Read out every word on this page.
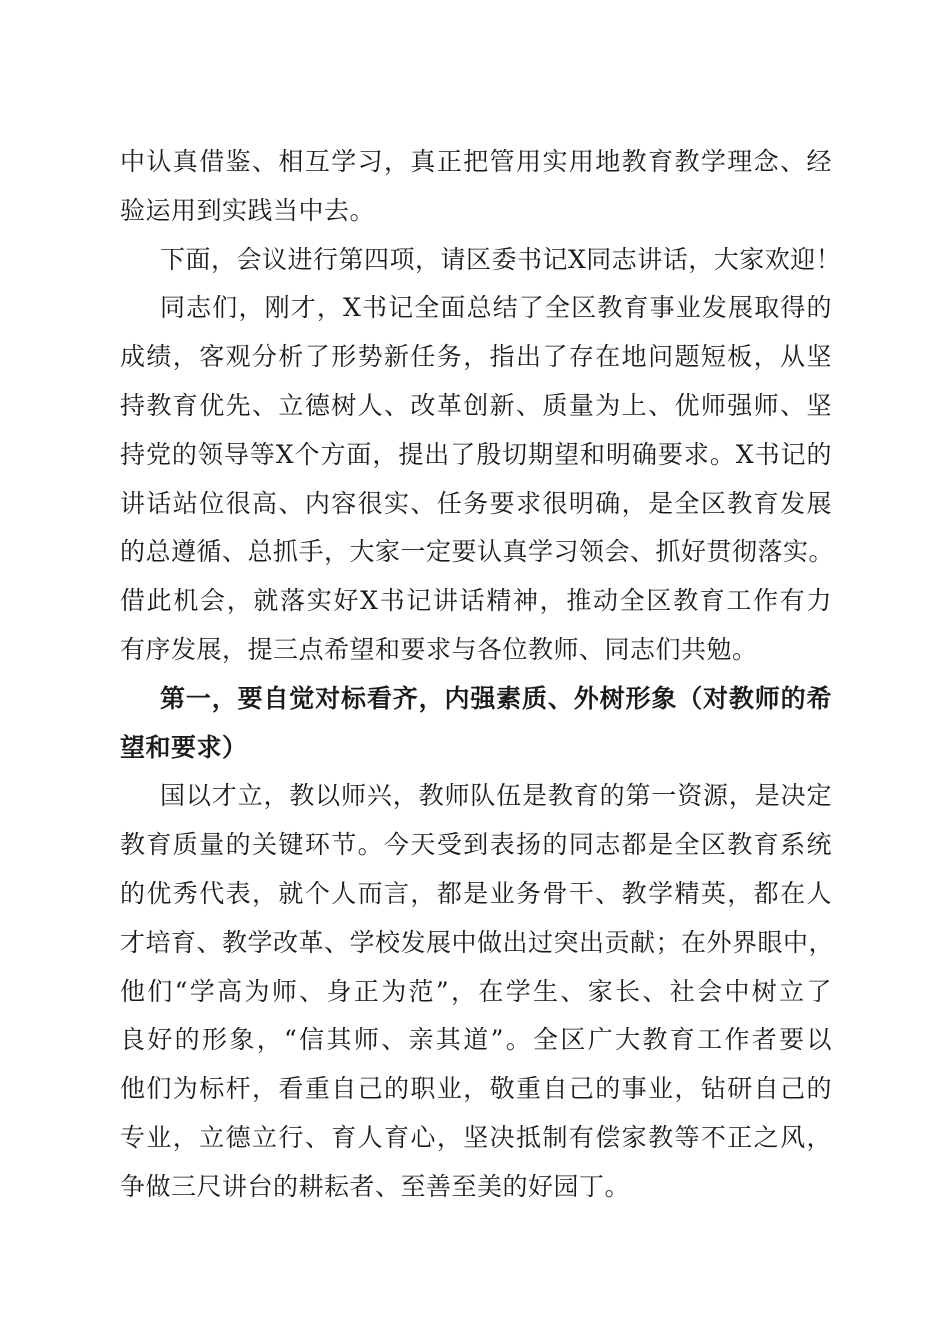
中认真借鉴、相互学习，真正把管用实用地教育教学理念、经
验运用到实践当中去。
下面，会议进行第四项，请区委书记X同志讲话，大家欢迎！
同志们，刚才，X书记全面总结了全区教育事业发展取得的
成绩，客观分析了形势新任务，指出了存在地问题短板，从坚
持教育优先、立德树人、改革创新、质量为上、优师强师、坚
持党的领导等X个方面，提出了殷切期望和明确要求。X书记的
讲话站位很高、内容很实、任务要求很明确，是全区教育发展
的总遵循、总抓手，大家一定要认真学习领会、抓好贯彻落实。
借此机会，就落实好X书记讲话精神，推动全区教育工作有力
有序发展，提三点希望和要求与各位教师、同志们共勉。
第一，要自觉对标看齐，内强素质、外树形象（对教师的希
望和要求）
国以才立，教以师兴，教师队伍是教育的第一资源，是决定
教育质量的关键环节。今天受到表扬的同志都是全区教育系统
的优秀代表，就个人而言，都是业务骨干、教学精英，都在人
才培育、教学改革、学校发展中做出过突出贡献；在外界眼中，
他们“学高为师、身正为范”，在学生、家长、社会中树立了
良好的形象，“信其师、亲其道”。全区广大教育工作者要以
他们为标杆，看重自己的职业，敬重自己的事业，钻研自己的
专业，立德立行、育人育心，坚决抵制有偿家教等不正之风，
争做三尺讲台的耕耘者、至善至美的好园丁。
